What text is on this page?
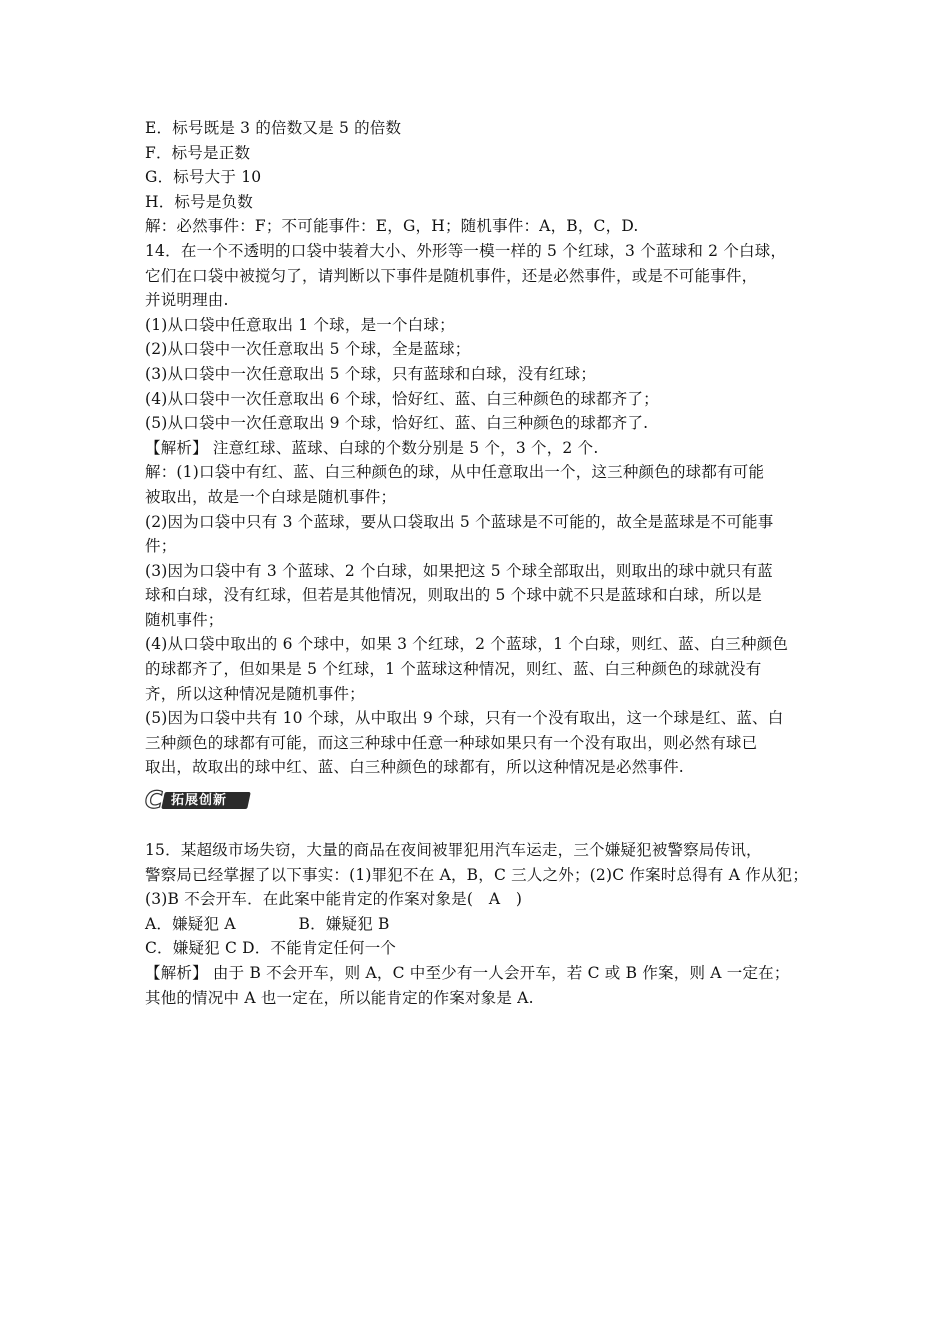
E．标号既是 3 的倍数又是 5 的倍数
F．标号是正数
G．标号大于 10
H．标号是负数
解：必然事件：F；不可能事件：E，G，H；随机事件：A，B，C，D.
14．在一个不透明的口袋中装着大小、外形等一模一样的 5 个红球，3 个蓝球和 2 个白球，
它们在口袋中被搅匀了，请判断以下事件是随机事件，还是必然事件，或是不可能事件，
并说明理由.
(1)从口袋中任意取出 1 个球，是一个白球；
(2)从口袋中一次任意取出 5 个球，全是蓝球；
(3)从口袋中一次任意取出 5 个球，只有蓝球和白球，没有红球；
(4)从口袋中一次任意取出 6 个球，恰好红、蓝、白三种颜色的球都齐了；
(5)从口袋中一次任意取出 9 个球，恰好红、蓝、白三种颜色的球都齐了.
【解析】 注意红球、蓝球、白球的个数分别是 5 个，3 个，2 个.
解：(1)口袋中有红、蓝、白三种颜色的球，从中任意取出一个，这三种颜色的球都有可能
被取出，故是一个白球是随机事件；
(2)因为口袋中只有 3 个蓝球，要从口袋取出 5 个蓝球是不可能的，故全是蓝球是不可能事
件；
(3)因为口袋中有 3 个蓝球、2 个白球，如果把这 5 个球全部取出，则取出的球中就只有蓝
球和白球，没有红球，但若是其他情况，则取出的 5 个球中就不只是蓝球和白球，所以是
随机事件；
(4)从口袋中取出的 6 个球中，如果 3 个红球，2 个蓝球，1 个白球，则红、蓝、白三种颜色
的球都齐了，但如果是 5 个红球，1 个蓝球这种情况，则红、蓝、白三种颜色的球就没有
齐，所以这种情况是随机事件；
(5)因为口袋中共有 10 个球，从中取出 9 个球，只有一个没有取出，这一个球是红、蓝、白
三种颜色的球都有可能，而这三种球中任意一种球如果只有一个没有取出，则必然有球已
取出，故取出的球中红、蓝、白三种颜色的球都有，所以这种情况是必然事件.
C 拓展创新
15．某超级市场失窃，大量的商品在夜间被罪犯用汽车运走，三个嫌疑犯被警察局传讯，
警察局已经掌握了以下事实：(1)罪犯不在 A，B，C 三人之外；(2)C 作案时总得有 A 作从犯；
(3)B 不会开车．在此案中能肯定的作案对象是(　A　)
A．嫌疑犯 A　　　　B．嫌疑犯 B
C．嫌疑犯 C D．不能肯定任何一个
【解析】 由于 B 不会开车，则 A，C 中至少有一人会开车，若 C 或 B 作案，则 A 一定在；
其他的情况中 A 也一定在，所以能肯定的作案对象是 A.
